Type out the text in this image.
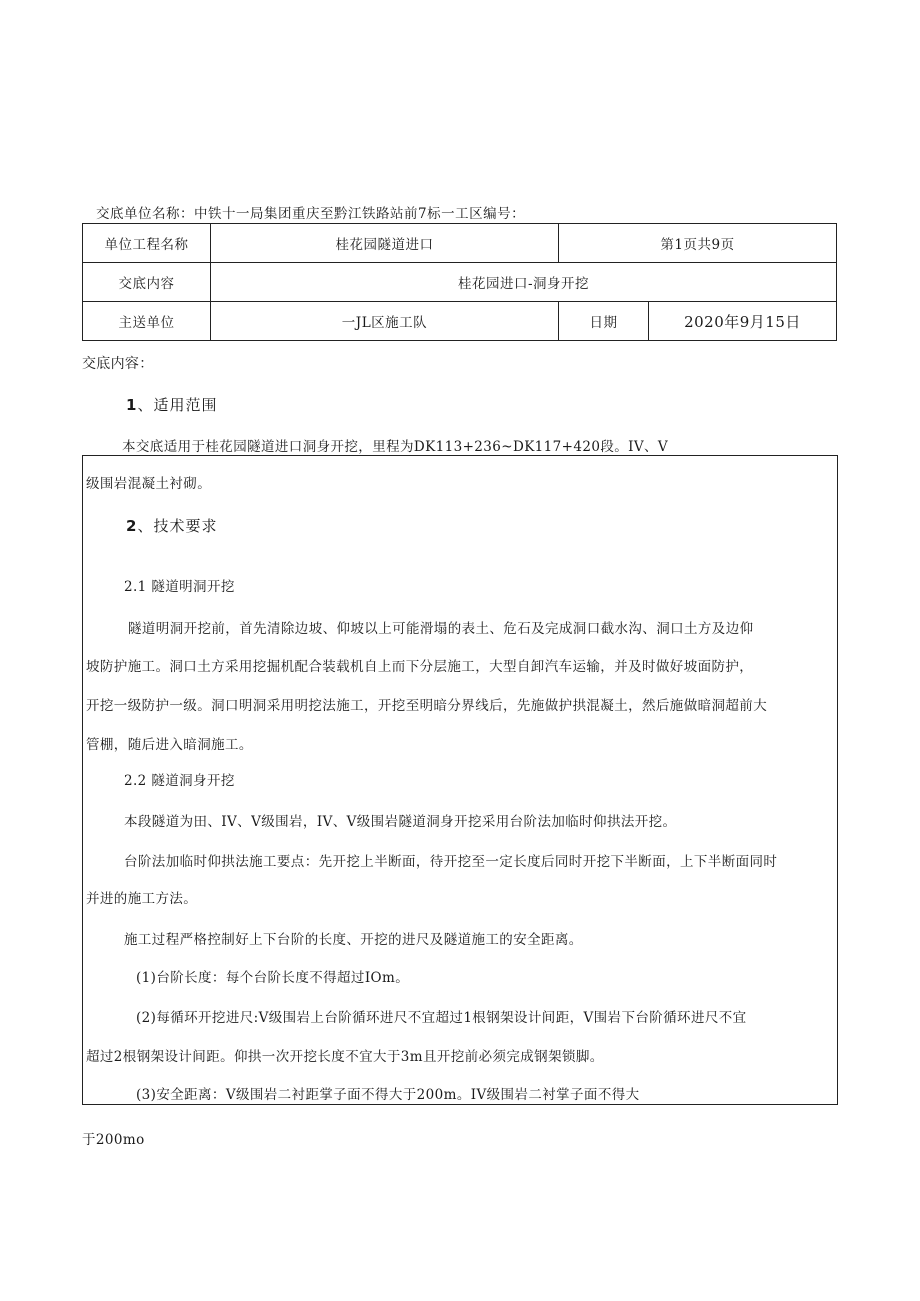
交底单位名称：中铁十一局集团重庆至黔江铁路站前7标一工区编号：
单位工程名称	桂花园隧道进口	第1页共9页	
交底内容	桂花园进口-洞身开挖		
主送单位	一JL区施工队	日期	2020年9月15日
交底内容：
1、适用范围
本交底适用于桂花园隧道进口洞身开挖，里程为DK113+236~DK117+420段。IV、V
级围岩混凝土衬砌。
2、技术要求
2.1 隧道明洞开挖
隧道明洞开挖前，首先清除边坡、仰坡以上可能滑塌的表土、危石及完成洞口截水沟、洞口土方及边仰
坡防护施工。洞口土方采用挖掘机配合装载机自上而下分层施工，大型自卸汽车运输，并及时做好坡面防护，
开挖一级防护一级。洞口明洞采用明挖法施工，开挖至明暗分界线后，先施做护拱混凝土，然后施做暗洞超前大
管棚，随后进入暗洞施工。
2.2 隧道洞身开挖
本段隧道为田、IV、V级围岩，IV、V级围岩隧道洞身开挖采用台阶法加临时仰拱法开挖。
台阶法加临时仰拱法施工要点：先开挖上半断面，待开挖至一定长度后同时开挖下半断面，上下半断面同时
并进的施工方法。
施工过程严格控制好上下台阶的长度、开挖的进尺及隧道施工的安全距离。
(1)台阶长度：每个台阶长度不得超过IOm。
(2)每循环开挖进尺:V级围岩上台阶循环进尺不宜超过1根钢架设计间距，V围岩下台阶循环进尺不宜
超过2根钢架设计间距。仰拱一次开挖长度不宜大于3m且开挖前必须完成钢架锁脚。
(3)安全距离：V级围岩二衬距掌子面不得大于200m。IV级围岩二衬掌子面不得大
于200mo
